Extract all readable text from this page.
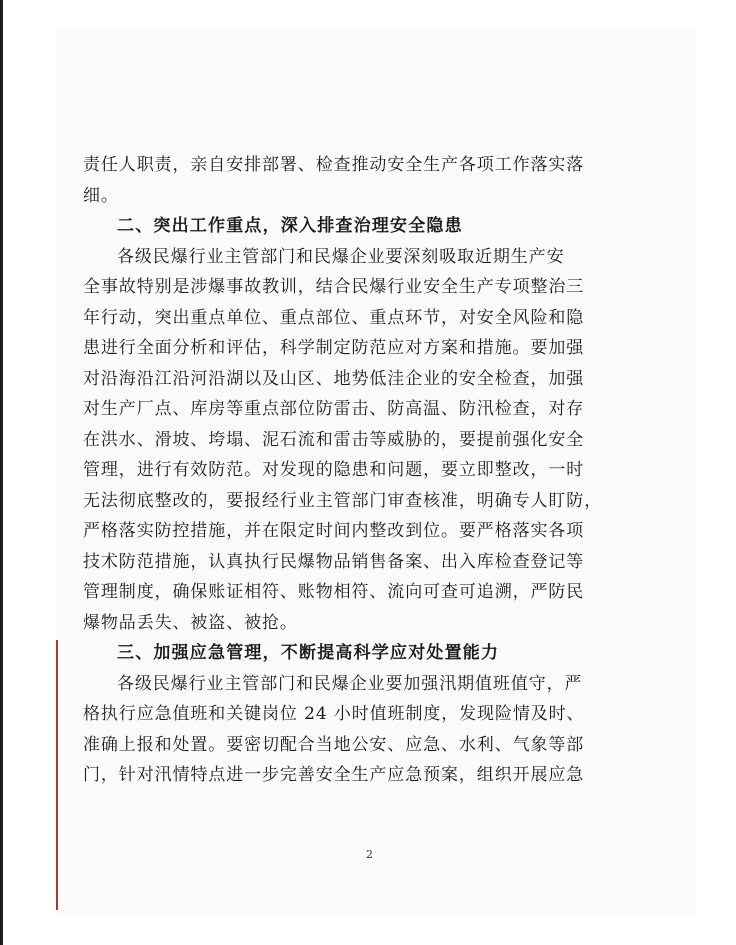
责任人职责，亲自安排部署、检查推动安全生产各项工作落实落
细。
二、突出工作重点，深入排查治理安全隐患
各级民爆行业主管部门和民爆企业要深刻吸取近期生产安
全事故特别是涉爆事故教训，结合民爆行业安全生产专项整治三
年行动，突出重点单位、重点部位、重点环节，对安全风险和隐
患进行全面分析和评估，科学制定防范应对方案和措施。要加强
对沿海沿江沿河沿湖以及山区、地势低洼企业的安全检查，加强
对生产厂点、库房等重点部位防雷击、防高温、防汛检查，对存
在洪水、滑坡、垮塌、泥石流和雷击等威胁的，要提前强化安全
管理，进行有效防范。对发现的隐患和问题，要立即整改，一时
无法彻底整改的，要报经行业主管部门审查核准，明确专人盯防，
严格落实防控措施，并在限定时间内整改到位。要严格落实各项
技术防范措施，认真执行民爆物品销售备案、出入库检查登记等
管理制度，确保账证相符、账物相符、流向可查可追溯，严防民
爆物品丢失、被盗、被抢。
三、加强应急管理，不断提高科学应对处置能力
各级民爆行业主管部门和民爆企业要加强汛期值班值守，严
格执行应急值班和关键岗位 24 小时值班制度，发现险情及时、
准确上报和处置。要密切配合当地公安、应急、水利、气象等部
门，针对汛情特点进一步完善安全生产应急预案，组织开展应急
2
